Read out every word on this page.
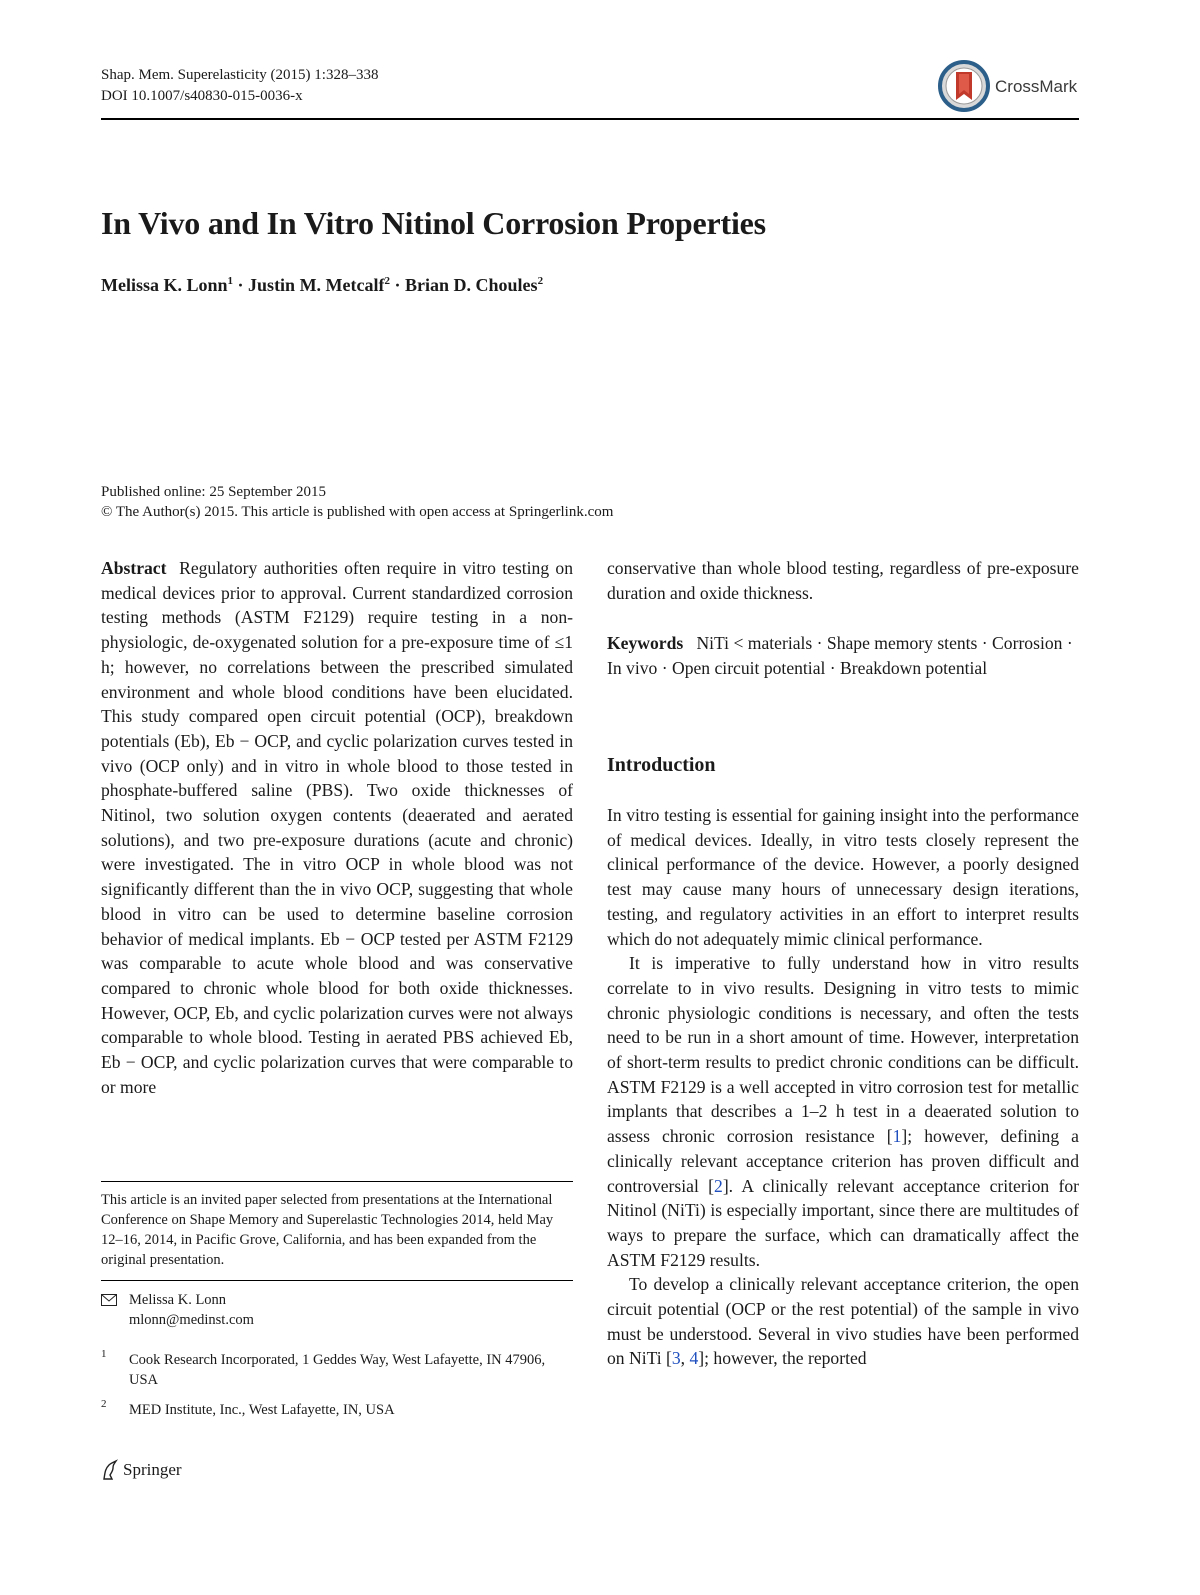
Shap. Mem. Superelasticity (2015) 1:328–338
DOI 10.1007/s40830-015-0036-x	CrossMark
In Vivo and In Vitro Nitinol Corrosion Properties
Melissa K. Lonn$^1$ · Justin M. Metcalf$^2$ · Brian D. Choules$^2$
Published online: 25 September 2015
© The Author(s) 2015. This article is published with open access at Springerlink.com

Abstract Regulatory authorities often require in vitro testing on medical devices prior to approval. Current standardized corrosion testing methods (ASTM F2129) require testing in a non-physiologic, de-oxygenated solution for a pre-exposure time of ≤1 h; however, no correlations between the prescribed simulated environment and whole blood conditions have been elucidated. This study compared open circuit potential (OCP), breakdown potentials (Eb), Eb − OCP, and cyclic polarization curves tested in vivo (OCP only) and in vitro in whole blood to those tested in phosphate-buffered saline (PBS). Two oxide thicknesses of Nitinol, two solution oxygen contents (deaerated and aerated solutions), and two pre-exposure durations (acute and chronic) were investigated. The in vitro OCP in whole blood was not significantly different than the in vivo OCP, suggesting that whole blood in vitro can be used to determine baseline corrosion behavior of medical implants. Eb − OCP tested per ASTM F2129 was comparable to acute whole blood and was conservative compared to chronic whole blood for both oxide thicknesses. However, OCP, Eb, and cyclic polarization curves were not always comparable to whole blood. Testing in aerated PBS achieved Eb, Eb − OCP, and cyclic polarization curves that were comparable to or more

This article is an invited paper selected from presentations at the International Conference on Shape Memory and Superelastic Technologies 2014, held May 12–16, 2014, in Pacific Grove, California, and has been expanded from the original presentation.
Melissa K. Lonn
mlonn@medinst.com
1 Cook Research Incorporated, 1 Geddes Way, West Lafayette, IN 47906, USA
2 MED Institute, Inc., West Lafayette, IN, USA
Springer

conservative than whole blood testing, regardless of pre-exposure duration and oxide thickness.

Keywords NiTi < materials · Shape memory stents · Corrosion · In vivo · Open circuit potential · Breakdown potential

Introduction

In vitro testing is essential for gaining insight into the performance of medical devices. Ideally, in vitro tests closely represent the clinical performance of the device. However, a poorly designed test may cause many hours of unnecessary design iterations, testing, and regulatory activities in an effort to interpret results which do not adequately mimic clinical performance.

It is imperative to fully understand how in vitro results correlate to in vivo results. Designing in vitro tests to mimic chronic physiologic conditions is necessary, and often the tests need to be run in a short amount of time. However, interpretation of short-term results to predict chronic conditions can be difficult. ASTM F2129 is a well accepted in vitro corrosion test for metallic implants that describes a 1–2 h test in a deaerated solution to assess chronic corrosion resistance [1]; however, defining a clinically relevant acceptance criterion has proven difficult and controversial [2]. A clinically relevant acceptance criterion for Nitinol (NiTi) is especially important, since there are multitudes of ways to prepare the surface, which can dramatically affect the ASTM F2129 results.

To develop a clinically relevant acceptance criterion, the open circuit potential (OCP or the rest potential) of the sample in vivo must be understood. Several in vivo studies have been performed on NiTi [3, 4]; however, the reported
